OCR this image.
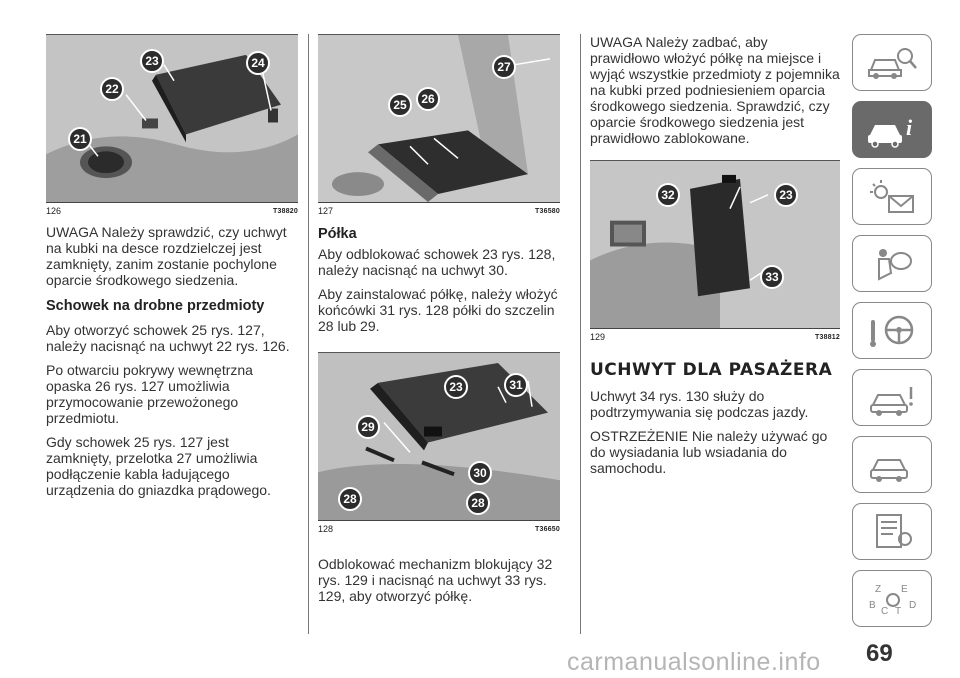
23	24
22
21
126	T38820

UWAGA Należy sprawdzić, czy uchwyt na kubki na desce rozdzielczej jest zamknięty, zanim zostanie pochylone oparcie środkowego siedzenia.

Schowek na drobne przedmioty

Aby otworzyć schowek 25 rys. 127, należy nacisnąć na uchwyt 22 rys. 126.

Po otwarciu pokrywy wewnętrzna opaska 26 rys. 127 umożliwia przymocowanie przewożonego przedmiotu.

Gdy schowek 25 rys. 127 jest zamknięty, przelotka 27 umożliwia podłączenie kabla ładującego urządzenia do gniazdka prądowego.

27
25	26
127	T36580
Półka

Aby odblokować schowek 23 rys. 128, należy nacisnąć na uchwyt 30.

Aby zainstalować półkę, należy włożyć końcówki 31 rys. 128 półki do szczelin 28 lub 29.

23	31
29
30
28	28
128	T36650

Odblokować mechanizm blokujący 32 rys. 129 i nacisnąć na uchwyt 33 rys. 129, aby otworzyć półkę.

UWAGA Należy zadbać, aby prawidłowo włożyć półkę na miejsce i wyjąć wszystkie przedmioty z pojemnika na kubki przed podniesieniem oparcia środkowego siedzenia. Sprawdzić, czy oparcie środkowego siedzenia jest prawidłowo zablokowane.

32	23
33
129	T38812
UCHWYT DLA PASAŻERA

Uchwyt 34 rys. 130 służy do podtrzymywania się podczas jazdy.

OSTRZEŻENIE Nie należy używać go do wysiadania lub wsiadania do samochodu.

i
Z E
B
C T
D
69
carmanualsonline.info
